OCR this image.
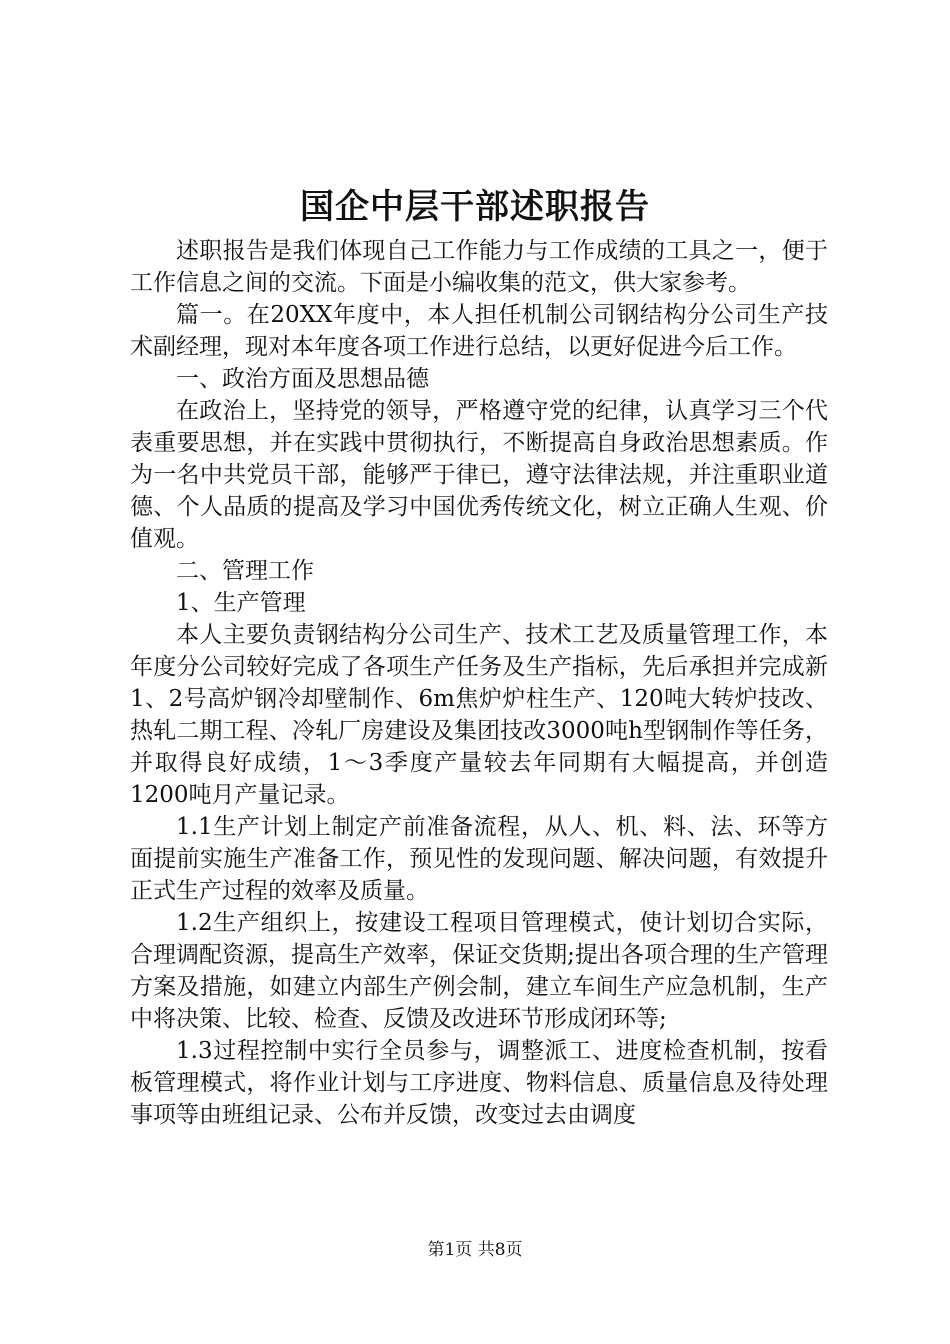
国企中层干部述职报告

述职报告是我们体现自己工作能力与工作成绩的工具之一，便于工作信息之间的交流。下面是小编收集的范文，供大家参考。

篇一。在20XX年度中，本人担任机制公司钢结构分公司生产技术副经理，现对本年度各项工作进行总结，以更好促进今后工作。

一、政治方面及思想品德

在政治上，坚持党的领导，严格遵守党的纪律，认真学习三个代表重要思想，并在实践中贯彻执行，不断提高自身政治思想素质。作为一名中共党员干部，能够严于律已，遵守法律法规，并注重职业道德、个人品质的提高及学习中国优秀传统文化，树立正确人生观、价值观。

二、管理工作

1、生产管理

本人主要负责钢结构分公司生产、技术工艺及质量管理工作，本年度分公司较好完成了各项生产任务及生产指标，先后承担并完成新1、2号高炉钢冷却壁制作、6m焦炉炉柱生产、120吨大转炉技改、热轧二期工程、冷轧厂房建设及集团技改3000吨h型钢制作等任务，并取得良好成绩，1～3季度产量较去年同期有大幅提高，并创造1200吨月产量记录。

1.1生产计划上制定产前准备流程，从人、机、料、法、环等方面提前实施生产准备工作，预见性的发现问题、解决问题，有效提升正式生产过程的效率及质量。

1.2生产组织上，按建设工程项目管理模式，使计划切合实际，合理调配资源，提高生产效率，保证交货期;提出各项合理的生产管理方案及措施，如建立内部生产例会制，建立车间生产应急机制，生产中将决策、比较、检查、反馈及改进环节形成闭环等;

1.3过程控制中实行全员参与，调整派工、进度检查机制，按看板管理模式，将作业计划与工序进度、物料信息、质量信息及待处理事项等由班组记录、公布并反馈，改变过去由调度

第1页 共8页
